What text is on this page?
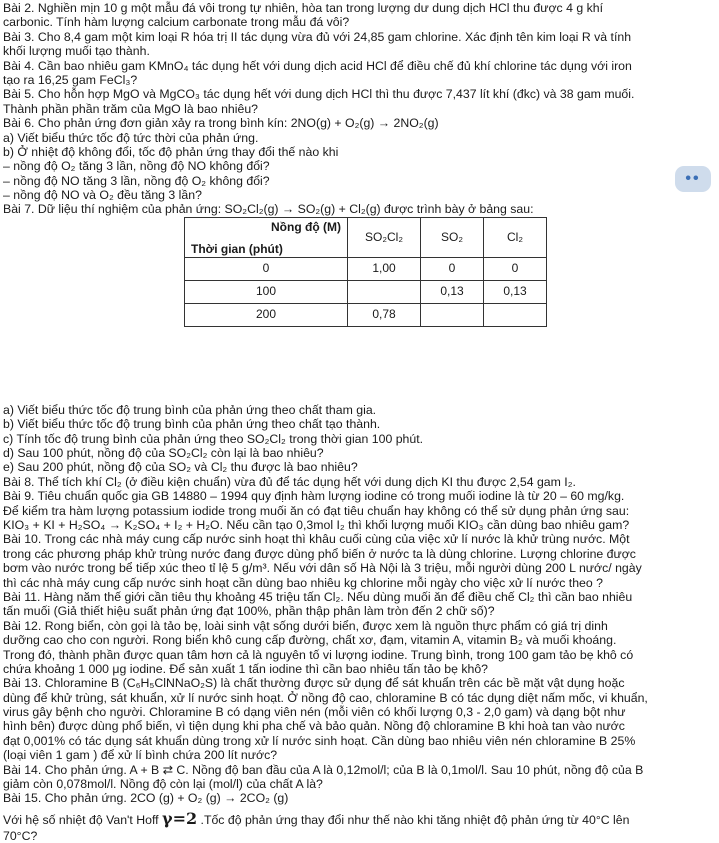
Bài 2. Nghiền mịn 10 g một mẫu đá vôi trong tự nhiên, hòa tan trong lượng dư dung dịch HCl thu được 4 g khí
carbonic. Tính hàm lượng calcium carbonate trong mẫu đá vôi?
Bài 3. Cho 8,4 gam một kim loại R hóa trị II tác dụng vừa đủ với 24,85 gam chlorine. Xác định tên kim loại R và tính
khối lượng muối tạo thành.
Bài 4. Cần bao nhiêu gam KMnO₄ tác dụng hết với dung dịch acid HCl để điều chế đủ khí chlorine tác dụng với iron
tạo ra 16,25 gam FeCl₃?
Bài 5. Cho hỗn hợp MgO và MgCO₃ tác dụng hết với dung dịch HCl thì thu được 7,437 lít khí (đkc) và 38 gam muối.
Thành phần phần trăm của MgO là bao nhiêu?
Bài 6. Cho phản ứng đơn giản xảy ra trong bình kín: 2NO(g) + O₂(g) → 2NO₂(g)
a) Viết biểu thức tốc độ tức thời của phản ứng.
b) Ở nhiệt độ không đổi, tốc độ phản ứng thay đổi thế nào khi
– nồng độ O₂ tăng 3 lần, nồng độ NO không đổi?
– nồng độ NO tăng 3 lần, nồng độ O₂ không đổi?
– nồng độ NO và O₂ đều tăng 3 lần?
Bài 7. Dữ liệu thí nghiệm của phản ứng: SO₂Cl₂(g) → SO₂(g) + Cl₂(g) được trình bày ở bảng sau:
Nồng độ (M)
Thời gian (phút)	SO₂Cl₂	SO₂	Cl₂

0	1,00	0	0
100		0,13	0,13
200	0,78		
a) Viết biểu thức tốc độ trung bình của phản ứng theo chất tham gia.
b) Viết biểu thức tốc độ trung bình của phản ứng theo chất tạo thành.
c) Tính tốc độ trung bình của phản ứng theo SO₂Cl₂ trong thời gian 100 phút.
d) Sau 100 phút, nồng độ của SO₂Cl₂ còn lại là bao nhiêu?
e) Sau 200 phút, nồng độ của SO₂ và Cl₂ thu được là bao nhiêu?
Bài 8. Thể tích khí Cl₂ (ở điều kiện chuẩn) vừa đủ để tác dụng hết với dung dịch KI thu được 2,54 gam I₂.
Bài 9. Tiêu chuẩn quốc gia GB 14880 – 1994 quy định hàm lượng iodine có trong muối iodine là từ 20 – 60 mg/kg.
Để kiểm tra hàm lượng potassium iodide trong muối ăn có đạt tiêu chuẩn hay không có thể sử dụng phản ứng sau:
KIO₃ + KI + H₂SO₄ → K₂SO₄ + I₂ + H₂O. Nếu cần tạo 0,3mol I₂ thì khối lượng muối KIO₃ cần dùng bao nhiêu gam?
Bài 10. Trong các nhà máy cung cấp nước sinh hoạt thì khâu cuối cùng của việc xử lí nước là khử trùng nước. Một
trong các phương pháp khử trùng nước đang được dùng phổ biến ở nước ta là dùng chlorine. Lượng chlorine được
bơm vào nước trong bể tiếp xúc theo tỉ lệ 5 g/m³. Nếu với dân số Hà Nội là 3 triệu, mỗi người dùng 200 L nước/ ngày
thì các nhà máy cung cấp nước sinh hoạt cần dùng bao nhiêu kg chlorine mỗi ngày cho việc xử lí nước theo ?
Bài 11. Hàng năm thế giới cần tiêu thụ khoảng 45 triệu tấn Cl₂. Nếu dùng muối ăn để điều chế Cl₂ thì cần bao nhiêu
tấn muối (Giả thiết hiệu suất phản ứng đạt 100%, phần thập phân làm tròn đến 2 chữ số)?
Bài 12. Rong biển, còn gọi là tảo bẹ, loài sinh vật sống dưới biển, được xem là nguồn thực phẩm có giá trị dinh
dưỡng cao cho con người. Rong biển khô cung cấp đường, chất xơ, đạm, vitamin A, vitamin B₂ và muối khoáng.
Trong đó, thành phần được quan tâm hơn cả là nguyên tố vi lượng iodine. Trung bình, trong 100 gam tảo bẹ khô có
chứa khoảng 1 000 μg iodine. Để sản xuất 1 tấn iodine thì cần bao nhiêu tấn tảo bẹ khô?
Bài 13. Chloramine B (C₆H₅ClNNaO₂S) là chất thường được sử dụng để sát khuẩn trên các bề mặt vật dụng hoặc
dùng để khử trùng, sát khuẩn, xử lí nước sinh hoạt. Ở nồng độ cao, chloramine B có tác dụng diệt nấm mốc, vi khuẩn,
virus gây bệnh cho người. Chloramine B có dạng viên nén (mỗi viên có khối lượng 0,3 - 2,0 gam) và dạng bột như
hình bên) được dùng phổ biến, vì tiện dụng khi pha chế và bảo quản. Nồng độ chloramine B khi hoà tan vào nước
đạt 0,001% có tác dụng sát khuẩn dùng trong xử lí nước sinh hoạt. Cần dùng bao nhiêu viên nén chloramine B 25%
(loại viên 1 gam ) để xử lí bình chứa 200 lít nước?
Bài 14. Cho phản ứng. A + B ⇄ C. Nồng độ ban đầu của A là 0,12mol/l; của B là 0,1mol/l. Sau 10 phút, nồng độ của B
giảm còn 0,078mol/l. Nồng độ còn lại (mol/l) của chất A là?
Bài 15. Cho phản ứng. 2CO (g) + O₂ (g) → 2CO₂ (g)
Với hệ số nhiệt độ Van't Hoff γ=2 .Tốc độ phản ứng thay đổi như thế nào khi tăng nhiệt độ phản ứng từ 40°C lên
70°C?
••
